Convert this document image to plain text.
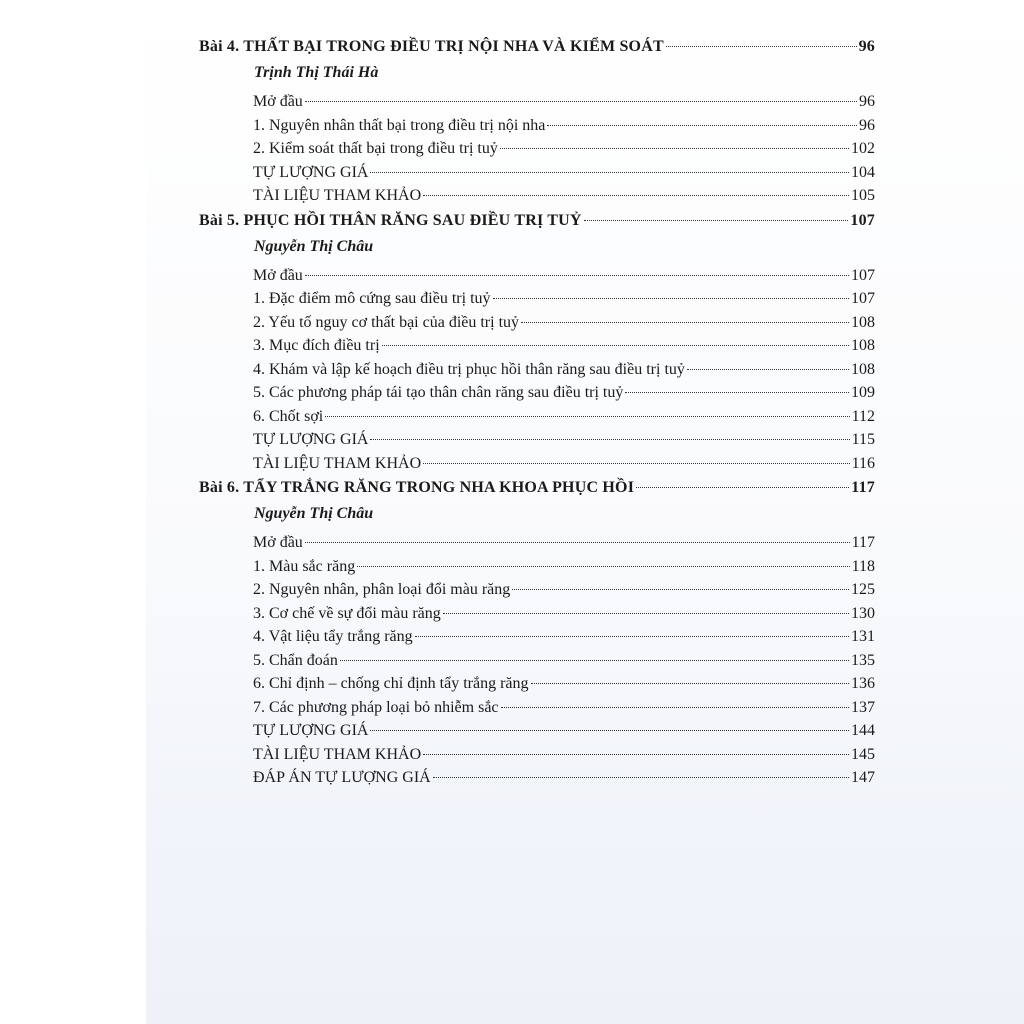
Bài 4. THẤT BẠI TRONG ĐIỀU TRỊ NỘI NHA VÀ KIỂM SOÁT	96
Trịnh Thị Thái Hà
Mở đầu	96
1. Nguyên nhân thất bại trong điều trị nội nha	96
2. Kiểm soát thất bại trong điều trị tuỷ	102
TỰ LƯỢNG GIÁ	104
TÀI LIỆU THAM KHẢO	105
Bài 5. PHỤC HỒI THÂN RĂNG SAU ĐIỀU TRỊ TUỶ	107
Nguyễn Thị Châu
Mở đầu	107
1. Đặc điểm mô cứng sau điều trị tuỷ	107
2. Yếu tố nguy cơ thất bại của điều trị tuỷ	108
3. Mục đích điều trị	108
4. Khám và lập kế hoạch điều trị phục hồi thân răng sau điều trị tuỷ	108
5. Các phương pháp tái tạo thân chân răng sau điều trị tuỷ	109
6. Chốt sợi	112
TỰ LƯỢNG GIÁ	115
TÀI LIỆU THAM KHẢO	116
Bài 6. TẨY TRẮNG RĂNG TRONG NHA KHOA PHỤC HỒI	117
Nguyễn Thị Châu
Mở đầu	117
1. Màu sắc răng	118
2. Nguyên nhân, phân loại đổi màu răng	125
3. Cơ chế về sự đổi màu răng	130
4. Vật liệu tẩy trắng răng	131
5. Chẩn đoán	135
6. Chỉ định – chống chỉ định tẩy trắng răng	136
7. Các phương pháp loại bỏ nhiễm sắc	137
TỰ LƯỢNG GIÁ	144
TÀI LIỆU THAM KHẢO	145
ĐÁP ÁN TỰ LƯỢNG GIÁ	147
